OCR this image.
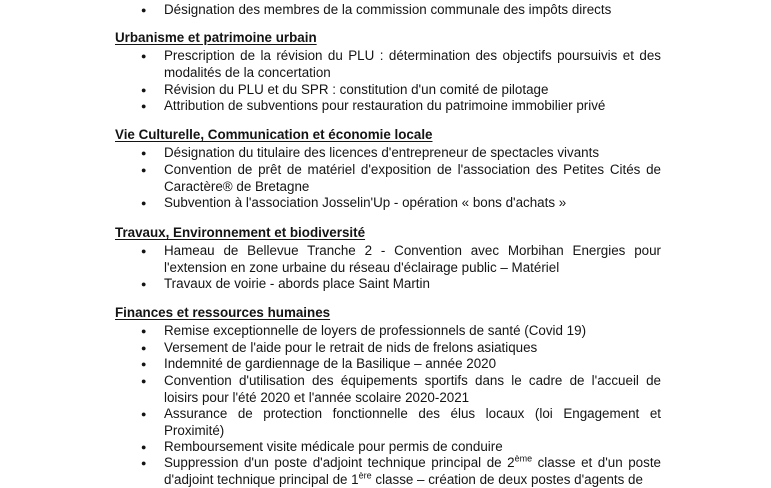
● Désignation des membres de la commission communale des impôts directs
Urbanisme et patrimoine urbain
● Prescription de la révision du PLU : détermination des objectifs poursuivis et des
modalités de la concertation
● Révision du PLU et du SPR : constitution d'un comité de pilotage
● Attribution de subventions pour restauration du patrimoine immobilier privé
Vie Culturelle, Communication et économie locale
● Désignation du titulaire des licences d'entrepreneur de spectacles vivants
● Convention de prêt de matériel d'exposition de l'association des Petites Cités de
Caractère® de Bretagne
● Subvention à l'association Josselin'Up - opération « bons d'achats »
Travaux, Environnement et biodiversité
● Hameau de Bellevue Tranche 2 - Convention avec Morbihan Energies pour
l'extension en zone urbaine du réseau d'éclairage public – Matériel
● Travaux de voirie - abords place Saint Martin
Finances et ressources humaines
● Remise exceptionnelle de loyers de professionnels de santé (Covid 19)
● Versement de l'aide pour le retrait de nids de frelons asiatiques
● Indemnité de gardiennage de la Basilique – année 2020
● Convention d'utilisation des équipements sportifs dans le cadre de l'accueil de
loisirs pour l'été 2020 et l'année scolaire 2020-2021
● Assurance de protection fonctionnelle des élus locaux (loi Engagement et
Proximité)
● Remboursement visite médicale pour permis de conduire
● Suppression d'un poste d'adjoint technique principal de 2ème classe et d'un poste
d'adjoint technique principal de 1ère classe – création de deux postes d'agents de
